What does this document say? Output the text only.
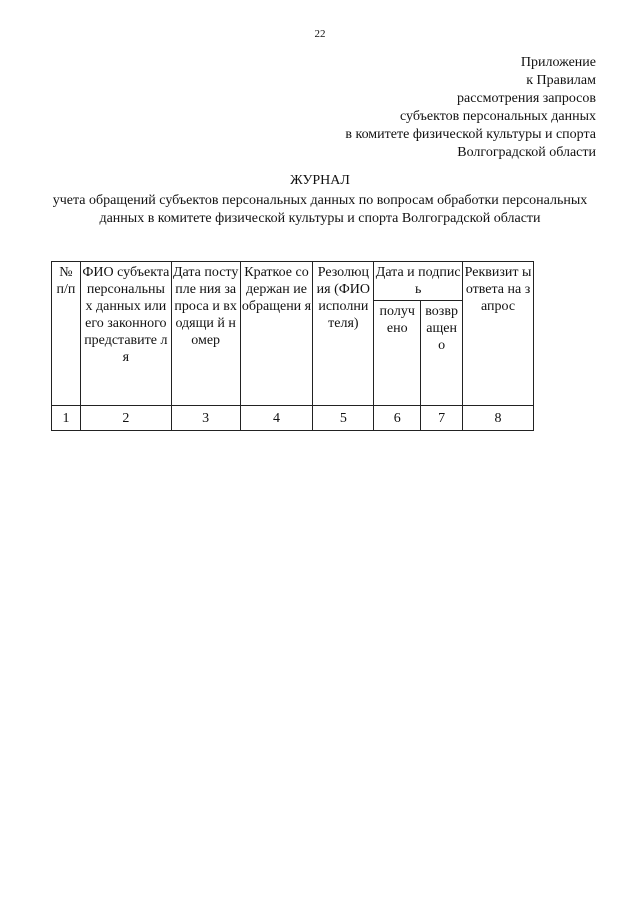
22
Приложение
к Правилам
рассмотрения запросов
субъектов персональных данных
в комитете физической культуры и спорта
Волгоградской области
ЖУРНАЛ
учета обращений субъектов персональных данных по вопросам обработки персональных данных в комитете физической культуры и спорта Волгоградской области
№ п/п	ФИО субъекта персональны х данных или его законного представите ля	Дата поступле ния запроса и входящи й номер	Краткое содержан ие обращени я	Резолюц ия (ФИО исполни теля)	Дата и подпись		Реквизит ы ответа на запрос
					получ ено	возвр ащен о	
1	2	3	4	5	6	7	8
